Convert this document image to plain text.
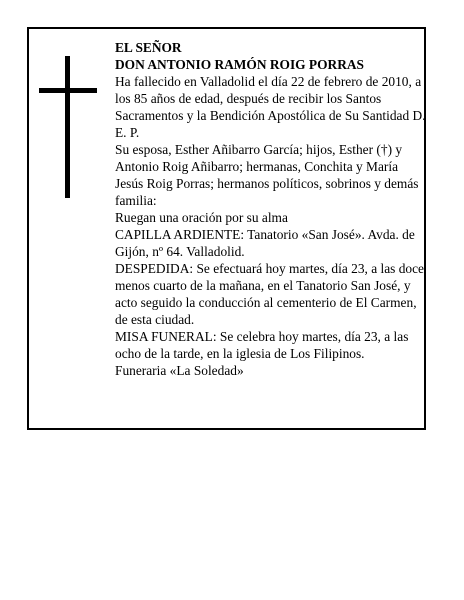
EL SEÑOR

DON ANTONIO RAMÓN ROIG PORRAS

Ha fallecido en Valladolid el día 22 de febrero de 2010, a los 85 años de edad, después de recibir los Santos Sacramentos y la Bendición Apostólica de Su Santidad D. E. P.

Su esposa, Esther Añibarro García; hijos, Esther (†) y Antonio Roig Añibarro; hermanas, Conchita y María Jesús Roig Porras; hermanos políticos, sobrinos y demás familia:

Ruegan una oración por su alma

CAPILLA ARDIENTE: Tanatorio «San José». Avda. de Gijón, nº 64. Valladolid.

DESPEDIDA: Se efectuará hoy martes, día 23, a las doce menos cuarto de la mañana, en el Tanatorio San José, y acto seguido la conducción al cementerio de El Carmen, de esta ciudad.

MISA FUNERAL: Se celebra hoy martes, día 23, a las ocho de la tarde, en la iglesia de Los Filipinos.

Funeraria «La Soledad»
